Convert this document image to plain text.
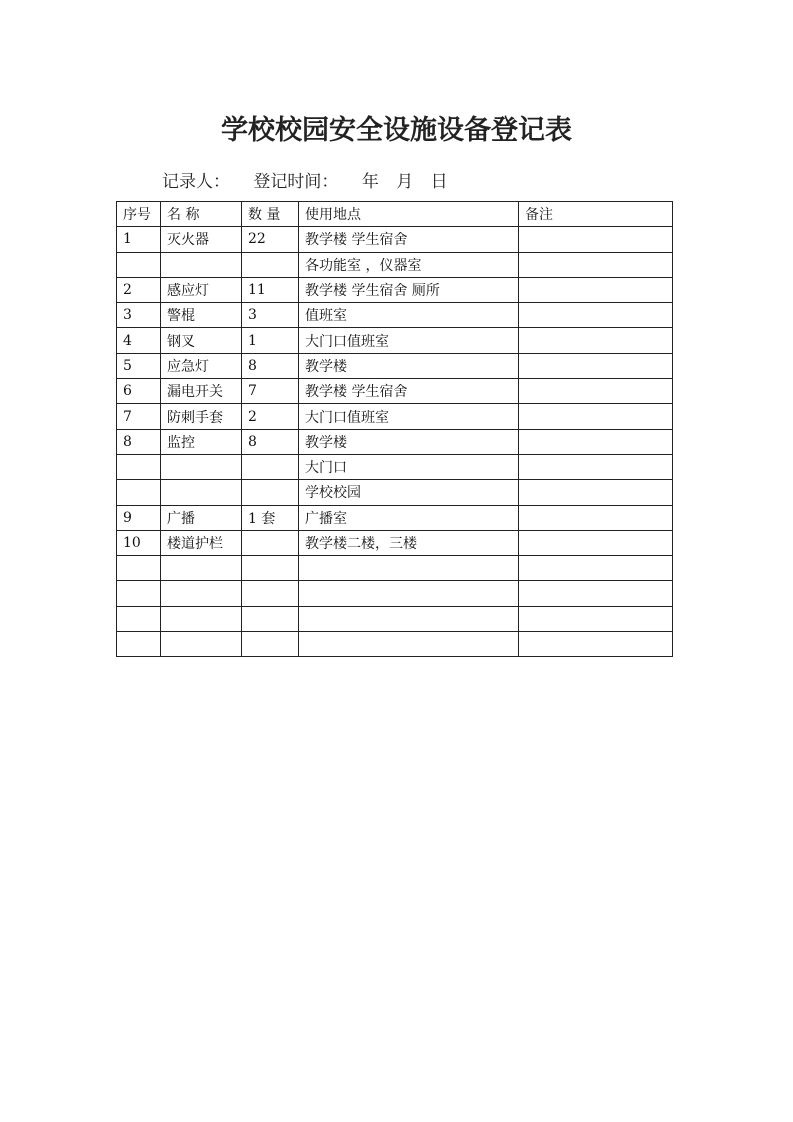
学校校园安全设施设备登记表
记录人： 登记时间： 年 月 日
序号	名 称	数 量	使用地点	备注
1	灭火器	22	教学楼 学生宿舍	
			各功能室 ，仪器室	
2	感应灯	11	教学楼 学生宿舍 厕所	
3	警棍	3	值班室	
4	钢叉	1	大门口值班室	
5	应急灯	8	教学楼	
6	漏电开关	7	教学楼 学生宿舍	
7	防刺手套	2	大门口值班室	
8	监控	8	教学楼	
			大门口	
			学校校园	
9	广播	1 套	广播室	
10	楼道护栏		教学楼二楼，三楼	
